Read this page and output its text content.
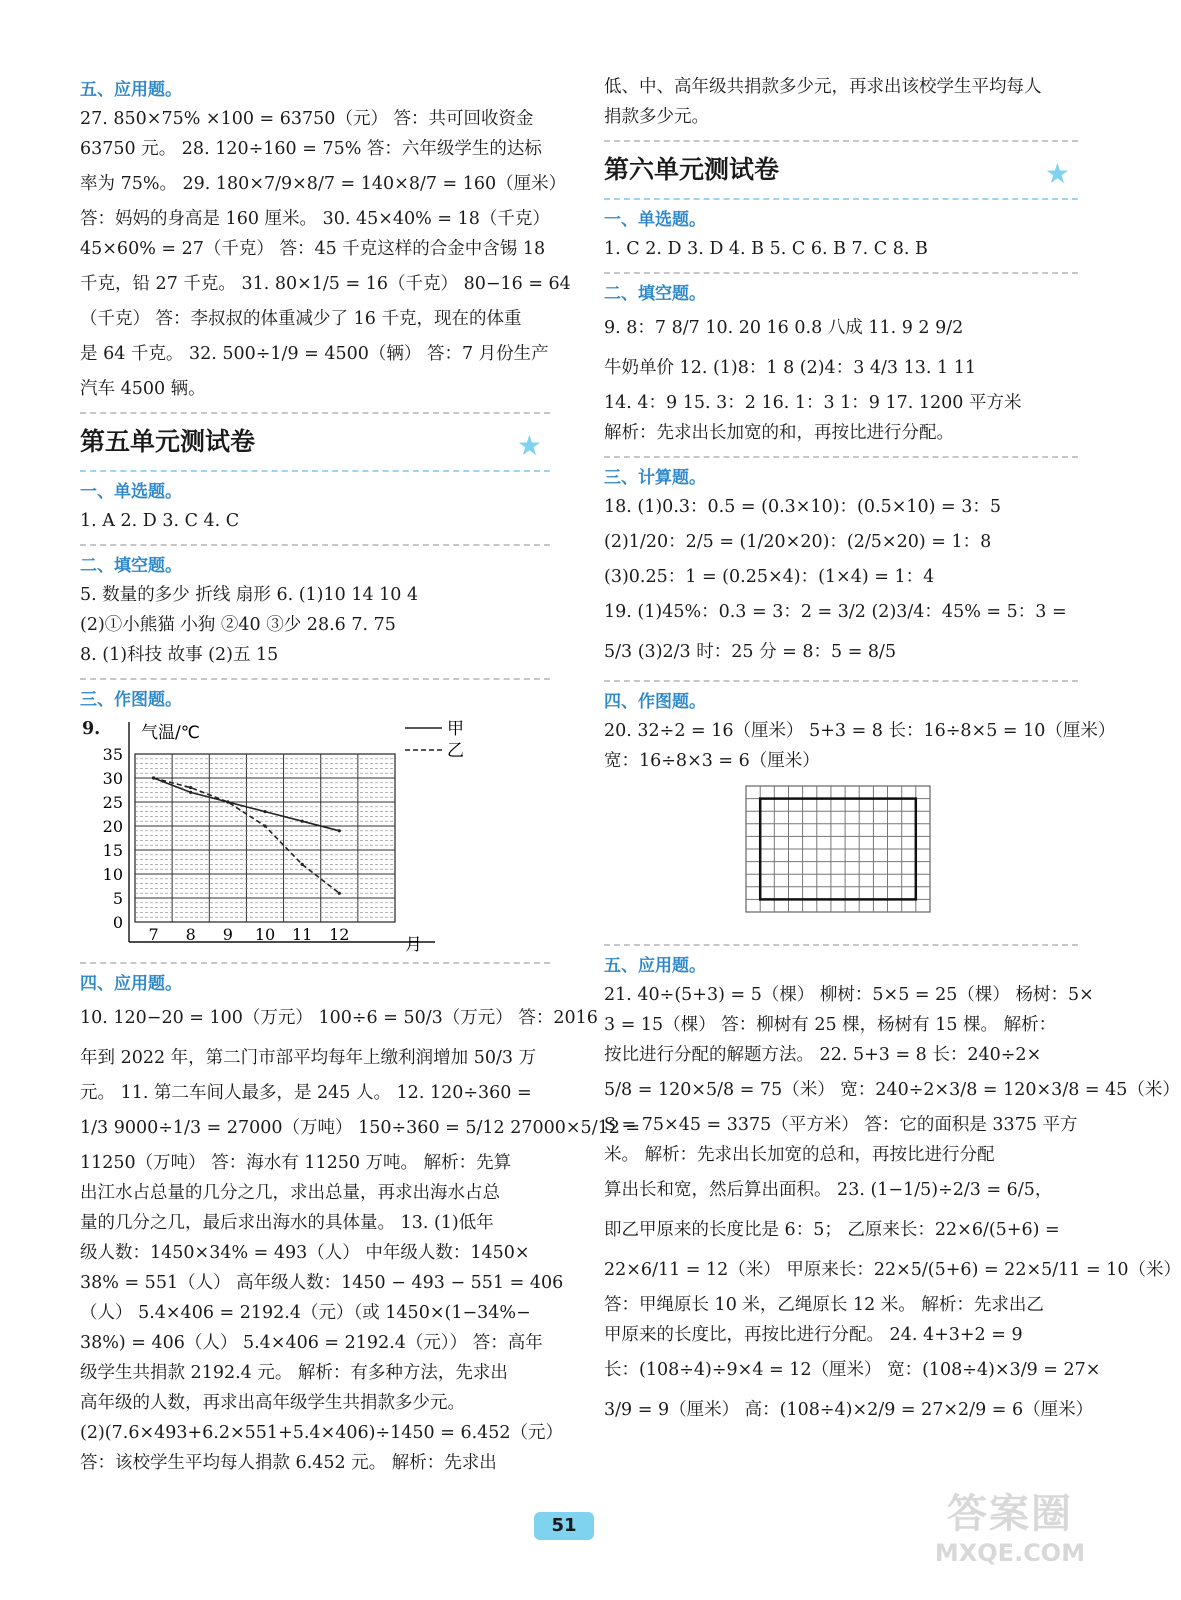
五、应用题。
27. 850×75% ×100 = 63750（元） 答：共可回收资金
63750 元。 28. 120÷160 = 75% 答：六年级学生的达标
率为 75%。 29. 180×7/9×8/7 = 140×8/7 = 160（厘米）
答：妈妈的身高是 160 厘米。 30. 45×40% = 18（千克）
45×60% = 27（千克） 答：45 千克这样的合金中含锡 18
千克，铅 27 千克。 31. 80×1/5 = 16（千克） 80−16 = 64
（千克） 答：李叔叔的体重减少了 16 千克，现在的体重
是 64 千克。 32. 500÷1/9 = 4500（辆） 答：7 月份生产
汽车 4500 辆。
第五单元测试卷	★
一、单选题。
1. A 2. D 3. C 4. C
二、填空题。
5. 数量的多少 折线 扇形 6. (1)10 14 10 4
(2)①小熊猫 小狗 ②40 ③少 28.6 7. 75
8. (1)科技 故事 (2)五 15
三、作图题。
9.
0
5
10
15
20
25
30
35
7 8 9 10 11 12
气温/℃
月
甲
乙
四、应用题。
10. 120−20 = 100（万元） 100÷6 = 50/3（万元） 答：2016
年到 2022 年，第二门市部平均每年上缴利润增加 50/3 万
元。 11. 第二车间人最多，是 245 人。 12. 120÷360 =
1/3 9000÷1/3 = 27000（万吨） 150÷360 = 5/12 27000×5/12 =
11250（万吨） 答：海水有 11250 万吨。 解析：先算
出江水占总量的几分之几，求出总量，再求出海水占总
量的几分之几，最后求出海水的具体量。 13. (1)低年
级人数：1450×34% = 493（人） 中年级人数：1450×
38% = 551（人） 高年级人数：1450 − 493 − 551 = 406
（人） 5.4×406 = 2192.4（元）（或 1450×(1−34%−
38%) = 406（人） 5.4×406 = 2192.4（元）） 答：高年
级学生共捐款 2192.4 元。 解析：有多种方法，先求出
高年级的人数，再求出高年级学生共捐款多少元。
(2)(7.6×493+6.2×551+5.4×406)÷1450 = 6.452（元）
答：该校学生平均每人捐款 6.452 元。 解析：先求出
低、中、高年级共捐款多少元，再求出该校学生平均每人
捐款多少元。
第六单元测试卷	★
一、单选题。
1. C 2. D 3. D 4. B 5. C 6. B 7. C 8. B
二、填空题。
9. 8：7 8/7 10. 20 16 0.8 八成 11. 9 2 9/2
牛奶单价 12. (1)8：1 8 (2)4：3 4/3 13. 1 11
14. 4：9 15. 3：2 16. 1：3 1：9 17. 1200 平方米
解析：先求出长加宽的和，再按比进行分配。
三、计算题。
18. (1)0.3：0.5 = (0.3×10)：(0.5×10) = 3：5
(2)1/20：2/5 = (1/20×20)：(2/5×20) = 1：8
(3)0.25：1 = (0.25×4)：(1×4) = 1：4
19. (1)45%：0.3 = 3：2 = 3/2 (2)3/4：45% = 5：3 =
5/3 (3)2/3 时：25 分 = 8：5 = 8/5
四、作图题。
20. 32÷2 = 16（厘米） 5+3 = 8 长：16÷8×5 = 10（厘米）
宽：16÷8×3 = 6（厘米）
五、应用题。
21. 40÷(5+3) = 5（棵） 柳树：5×5 = 25（棵） 杨树：5×
3 = 15（棵） 答：柳树有 25 棵，杨树有 15 棵。 解析：
按比进行分配的解题方法。 22. 5+3 = 8 长：240÷2×
5/8 = 120×5/8 = 75（米） 宽：240÷2×3/8 = 120×3/8 = 45（米）
S = 75×45 = 3375（平方米） 答：它的面积是 3375 平方
米。 解析：先求出长加宽的总和，再按比进行分配
算出长和宽，然后算出面积。 23. (1−1/5)÷2/3 = 6/5，
即乙甲原来的长度比是 6：5； 乙原来长：22×6/(5+6) =
22×6/11 = 12（米） 甲原来长：22×5/(5+6) = 22×5/11 = 10（米）
答：甲绳原长 10 米，乙绳原长 12 米。 解析：先求出乙
甲原来的长度比，再按比进行分配。 24. 4+3+2 = 9
长：(108÷4)÷9×4 = 12（厘米） 宽：(108÷4)×3/9 = 27×
3/9 = 9（厘米） 高：(108÷4)×2/9 = 27×2/9 = 6（厘米）
51	答案圈
MXQE.COM
